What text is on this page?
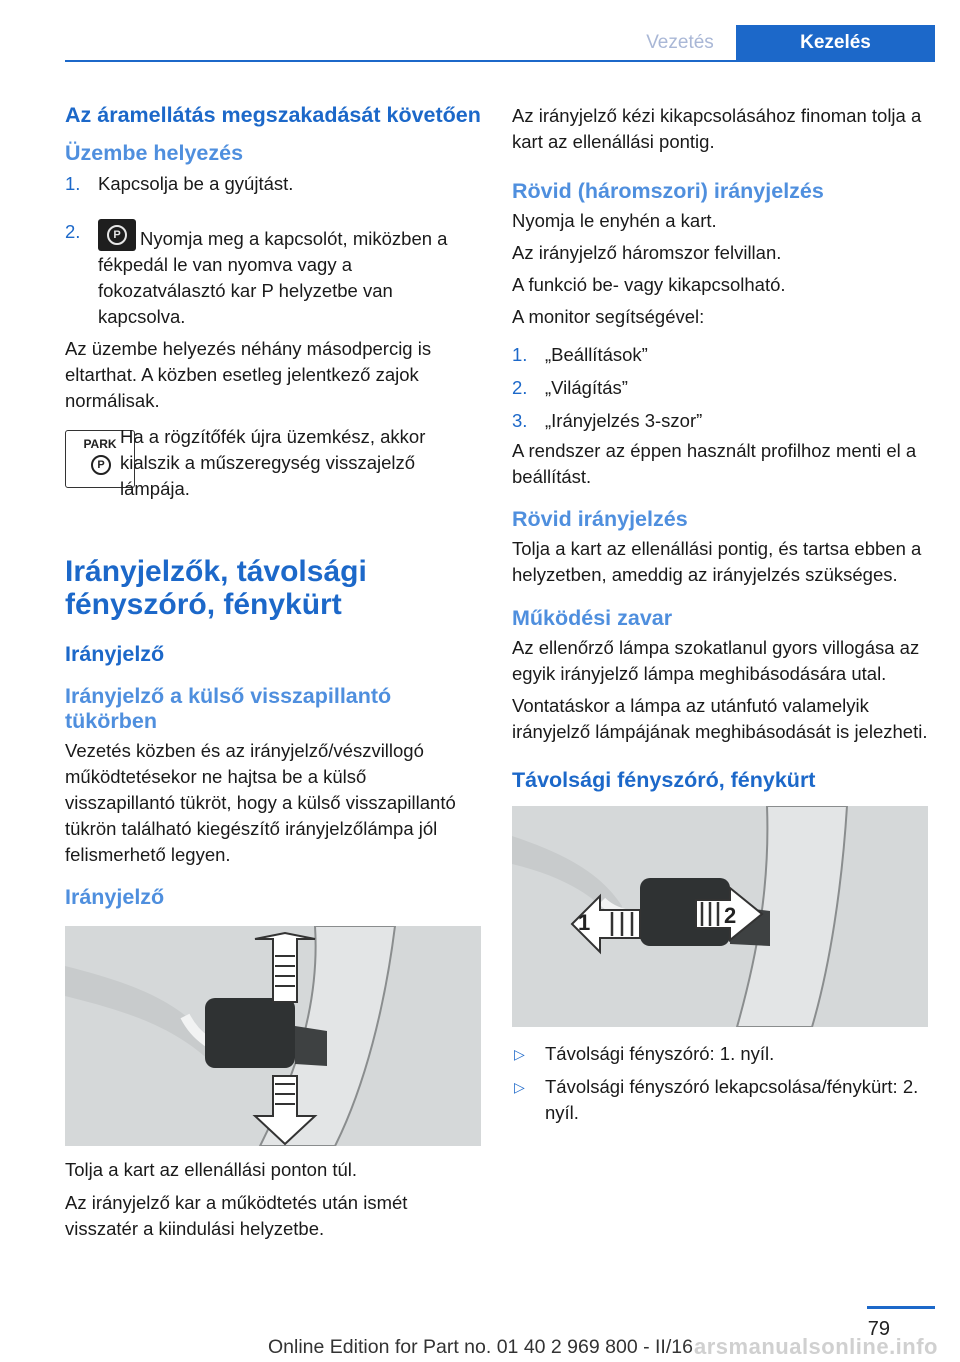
Vezetés	Kezelés
Az áramellátás megszakadását követően
Üzembe helyezés
1. Kapcsolja be a gyújtást.
2.	P	Nyomja meg a kapcsolót, miközben a fékpedál le van nyomva vagy a fokozatválasztó kar P helyzetbe van kapcsolva.

Az üzembe helyezés néhány másodpercig is eltarthat. A közben esetleg jelentkező zajok normálisak.

PARK
P

Ha a rögzítőfék újra üzemkész, akkor kialszik a műszeregység visszajelző lámpája.

Irányjelzők, távolsági fényszóró, fénykürt
Irányjelző
Irányjelző a külső visszapillantó tükörben

Vezetés közben és az irányjelző/vészvillogó működtetésekor ne hajtsa be a külső visszapillantó tükröt, hogy a külső visszapillantó tükrön található kiegészítő irányjelzőlámpa jól felismerhető legyen.

Irányjelző

Tolja a kart az ellenállási ponton túl.

Az irányjelző kar a működtetés után ismét visszatér a kiindulási helyzetbe.

Az irányjelző kézi kikapcsolásához finoman tolja a kart az ellenállási pontig.

Rövid (háromszori) irányjelzés

Nyomja le enyhén a kart.

Az irányjelző háromszor felvillan.

A funkció be- vagy kikapcsolható.

A monitor segítségével:

1. „Beállítások”
2. „Világítás”
3. „Irányjelzés 3-szor”

A rendszer az éppen használt profilhoz menti el a beállítást.

Rövid irányjelzés

Tolja a kart az ellenállási pontig, és tartsa ebben a helyzetben, ameddig az irányjelzés szükséges.

Működési zavar

Az ellenőrző lámpa szokatlanul gyors villogása az egyik irányjelző lámpa meghibásodására utal.

Vontatáskor a lámpa az utánfutó valamelyik irányjelző lámpájának meghibásodását is jelezheti.

Távolsági fényszóró, fénykürt
1	2
▷ Távolsági fényszóró: 1. nyíl.
▷ Távolsági fényszóró lekapcsolása/fénykürt: 2. nyíl.
79
arsmanualsonline.info
Online Edition for Part no. 01 40 2 969 800 - II/16
